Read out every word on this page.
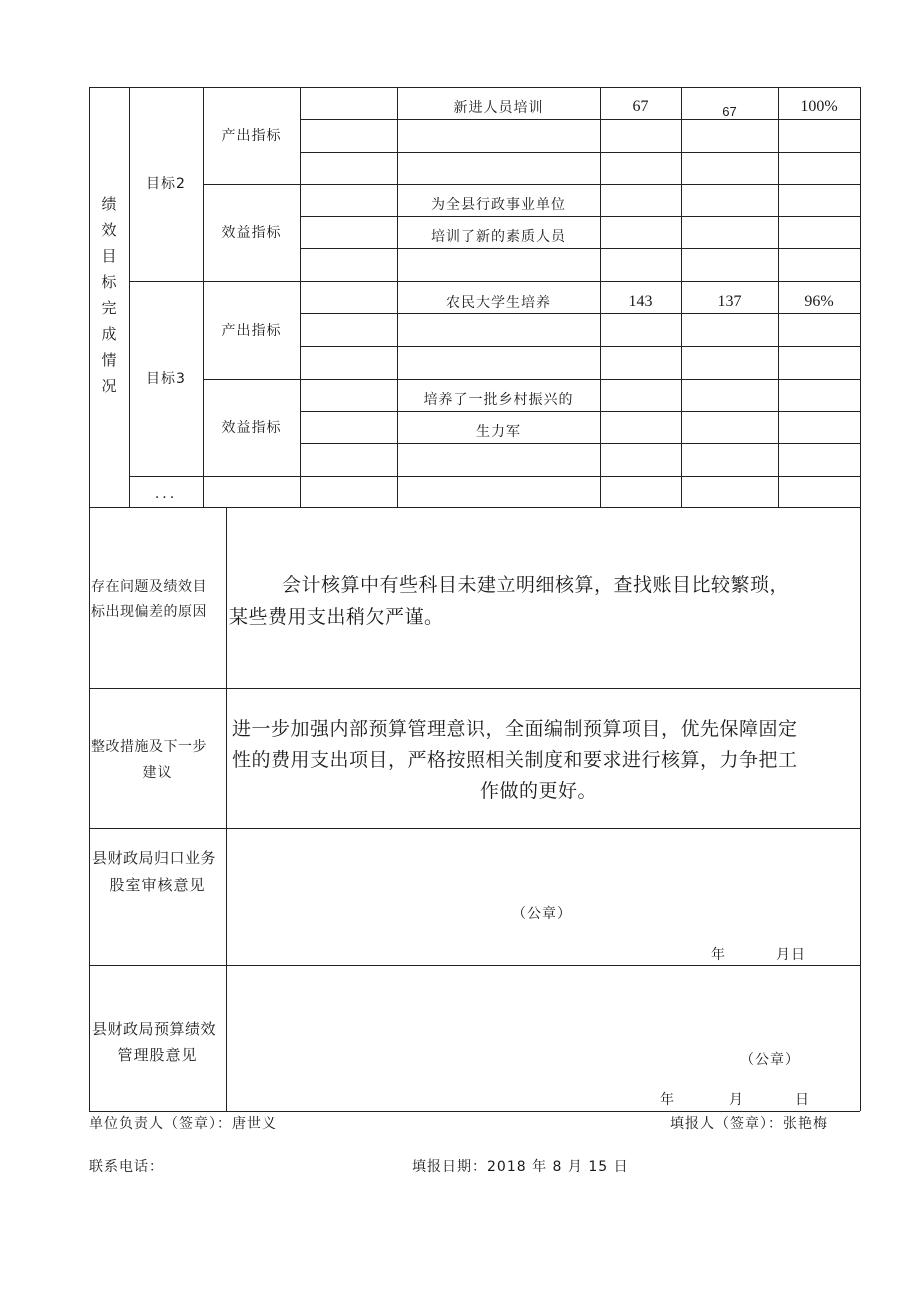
绩
效
目
标
完
成
情
况
目标2
产出指标
新进人员培训	67	67	100%
效益指标
为全县行政事业单位
培训了新的素质人员
目标3
产出指标
农民大学生培养	143	137	96%
效益指标
培养了一批乡村振兴的
生力军
...
存在问题及绩效目
标出现偏差的原因
会计核算中有些科目未建立明细核算，查找账目比较繁琐，
某些费用支出稍欠严谨。
整改措施及下一步
建议
进一步加强内部预算管理意识，全面编制预算项目，优先保障固定
性的费用支出项目，严格按照相关制度和要求进行核算，力争把工
作做的更好。
县财政局归口业务
股室审核意见
（公章）
年	月日
县财政局预算绩效
管理股意见	（公章）
年	月	日
单位负责人（签章）：唐世义	填报人（签章）：张艳梅
联系电话：	填报日期：2018 年 8 月 15 日
